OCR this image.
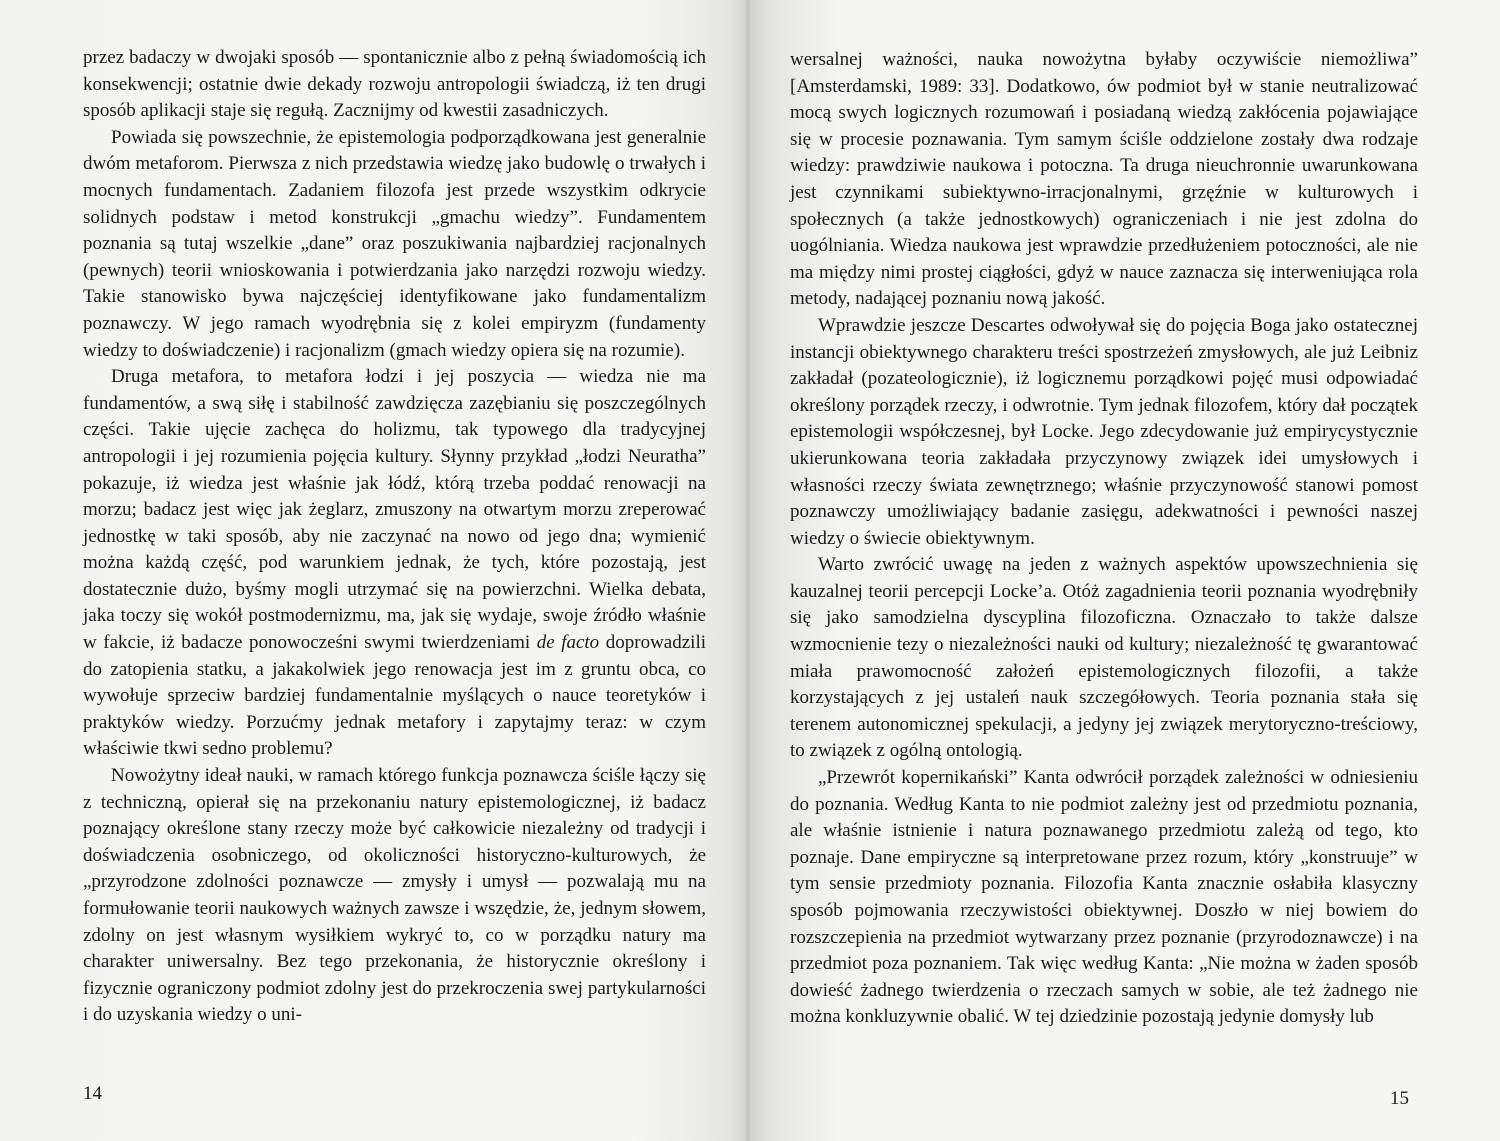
przez badaczy w dwojaki sposób — spontanicznie albo z pełną świadomością ich konsekwencji; ostatnie dwie dekady rozwoju antropologii świadczą, iż ten drugi sposób aplikacji staje się regułą. Zacznijmy od kwestii zasadniczych.

Powiada się powszechnie, że epistemologia podporządkowana jest generalnie dwóm metaforom. Pierwsza z nich przedstawia wiedzę jako budowlę o trwałych i mocnych fundamentach. Zadaniem filozofa jest przede wszystkim odkrycie solidnych podstaw i metod konstrukcji „gmachu wiedzy”. Fundamentem poznania są tutaj wszelkie „dane” oraz poszukiwania najbardziej racjonalnych (pewnych) teorii wnioskowania i potwierdzania jako narzędzi rozwoju wiedzy. Takie stanowisko bywa najczęściej identyfikowane jako fundamentalizm poznawczy. W jego ramach wyodrębnia się z kolei empiryzm (fundamenty wiedzy to doświadczenie) i racjonalizm (gmach wiedzy opiera się na rozumie).

Druga metafora, to metafora łodzi i jej poszycia — wiedza nie ma fundamentów, a swą siłę i stabilność zawdzięcza zazębianiu się poszczególnych części. Takie ujęcie zachęca do holizmu, tak typowego dla tradycyjnej antropologii i jej rozumienia pojęcia kultury. Słynny przykład „łodzi Neuratha” pokazuje, iż wiedza jest właśnie jak łódź, którą trzeba poddać renowacji na morzu; badacz jest więc jak żeglarz, zmuszony na otwartym morzu zreperować jednostkę w taki sposób, aby nie zaczynać na nowo od jego dna; wymienić można każdą część, pod warunkiem jednak, że tych, które pozostają, jest dostatecznie dużo, byśmy mogli utrzymać się na powierzchni. Wielka debata, jaka toczy się wokół postmodernizmu, ma, jak się wydaje, swoje źródło właśnie w fakcie, iż badacze ponowocześni swymi twierdzeniami de facto doprowadzili do zatopienia statku, a jakakolwiek jego renowacja jest im z gruntu obca, co wywołuje sprzeciw bardziej fundamentalnie myślących o nauce teoretyków i praktyków wiedzy. Porzućmy jednak metafory i zapytajmy teraz: w czym właściwie tkwi sedno problemu?

Nowożytny ideał nauki, w ramach którego funkcja poznawcza ściśle łączy się z techniczną, opierał się na przekonaniu natury epistemologicznej, iż badacz poznający określone stany rzeczy może być całkowicie niezależny od tradycji i doświadczenia osobniczego, od okoliczności historyczno-kulturowych, że „przyrodzone zdolności poznawcze — zmysły i umysł — pozwalają mu na formułowanie teorii naukowych ważnych zawsze i wszędzie, że, jednym słowem, zdolny on jest własnym wysiłkiem wykryć to, co w porządku natury ma charakter uniwersalny. Bez tego przekonania, że historycznie określony i fizycznie ograniczony podmiot zdolny jest do przekroczenia swej partykularności i do uzyskania wiedzy o uni-

14

wersalnej ważności, nauka nowożytna byłaby oczywiście niemożliwa” [Amsterdamski, 1989: 33]. Dodatkowo, ów podmiot był w stanie neutralizować mocą swych logicznych rozumowań i posiadaną wiedzą zakłócenia pojawiające się w procesie poznawania. Tym samym ściśle oddzielone zostały dwa rodzaje wiedzy: prawdziwie naukowa i potoczna. Ta druga nieuchronnie uwarunkowana jest czynnikami subiektywno-irracjonalnymi, grzęźnie w kulturowych i społecznych (a także jednostkowych) ograniczeniach i nie jest zdolna do uogólniania. Wiedza naukowa jest wprawdzie przedłużeniem potoczności, ale nie ma między nimi prostej ciągłości, gdyż w nauce zaznacza się interweniująca rola metody, nadającej poznaniu nową jakość.

Wprawdzie jeszcze Descartes odwoływał się do pojęcia Boga jako ostatecznej instancji obiektywnego charakteru treści spostrzeżeń zmysłowych, ale już Leibniz zakładał (pozateologicznie), iż logicznemu porządkowi pojęć musi odpowiadać określony porządek rzeczy, i odwrotnie. Tym jednak filozofem, który dał początek epistemologii współczesnej, był Locke. Jego zdecydowanie już empirycystycznie ukierunkowana teoria zakładała przyczynowy związek idei umysłowych i własności rzeczy świata zewnętrznego; właśnie przyczynowość stanowi pomost poznawczy umożliwiający badanie zasięgu, adekwatności i pewności naszej wiedzy o świecie obiektywnym.

Warto zwrócić uwagę na jeden z ważnych aspektów upowszechnienia się kauzalnej teorii percepcji Locke’a. Otóż zagadnienia teorii poznania wyodrębniły się jako samodzielna dyscyplina filozoficzna. Oznaczało to także dalsze wzmocnienie tezy o niezależności nauki od kultury; niezależność tę gwarantować miała prawomocność założeń epistemologicznych filozofii, a także korzystających z jej ustaleń nauk szczegółowych. Teoria poznania stała się terenem autonomicznej spekulacji, a jedyny jej związek merytoryczno-treściowy, to związek z ogólną ontologią.

„Przewrót kopernikański” Kanta odwrócił porządek zależności w odniesieniu do poznania. Według Kanta to nie podmiot zależny jest od przedmiotu poznania, ale właśnie istnienie i natura poznawanego przedmiotu zależą od tego, kto poznaje. Dane empiryczne są interpretowane przez rozum, który „konstruuje” w tym sensie przedmioty poznania. Filozofia Kanta znacznie osłabiła klasyczny sposób pojmowania rzeczywistości obiektywnej. Doszło w niej bowiem do rozszczepienia na przedmiot wytwarzany przez poznanie (przyrodoznawcze) i na przedmiot poza poznaniem. Tak więc według Kanta: „Nie można w żaden sposób dowieść żadnego twierdzenia o rzeczach samych w sobie, ale też żadnego nie można konkluzywnie obalić. W tej dziedzinie pozostają jedynie domysły lub

15
